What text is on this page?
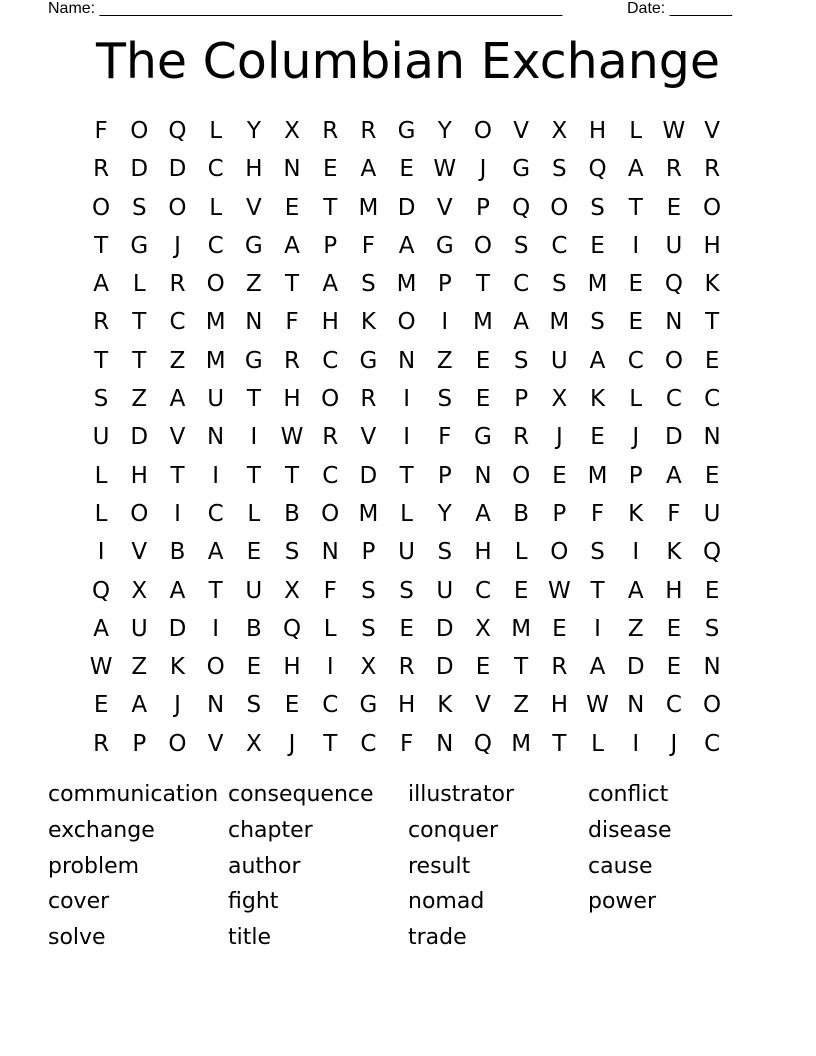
Name: ____________________________________________________	Date: _______
The Columbian Exchange
F O Q L	Y	X R R G Y O V X H	L W V
R D D C H N E	A	E W	J	G S Q A R R
O S O L	V	E	T M D V	P Q O S	T	E O
T G	J	C G A	P	F	A G O S C E	I	U H
A	L	R O Z	T	A	S M P	T	C S M E Q K
R	T	C M N F H K O	I	M A M S	E N T
T	T	Z M G R C G N Z	E	S U A C O E
S	Z A U T H O R	I	S	E	P	X K	L	C C
U D V N	I	W R V	I	F G R	J	E	J	D N
L	H T	I	T	T	C D T	P N O E M P	A	E
L O	I	C	L	B O M L	Y	A B	P	F	K	F	U
I	V B A	E	S N P U S H	L O S	I	K Q
Q X A	T U X	F	S	S U C E W T	A H E
A U D	I	B Q L	S	E D X M E	I	Z	E	S
W Z K O E H	I	X R D E	T	R A D E N
E	A	J	N S	E C G H K V Z H W N C O
R	P O V X	J	T	C	F N Q M T	L	I	J	C
communication consequence	illustrator	conflict
exchange	chapter	conquer	disease
problem	author	result	cause
cover	fight	nomad	power
solve	title	trade
